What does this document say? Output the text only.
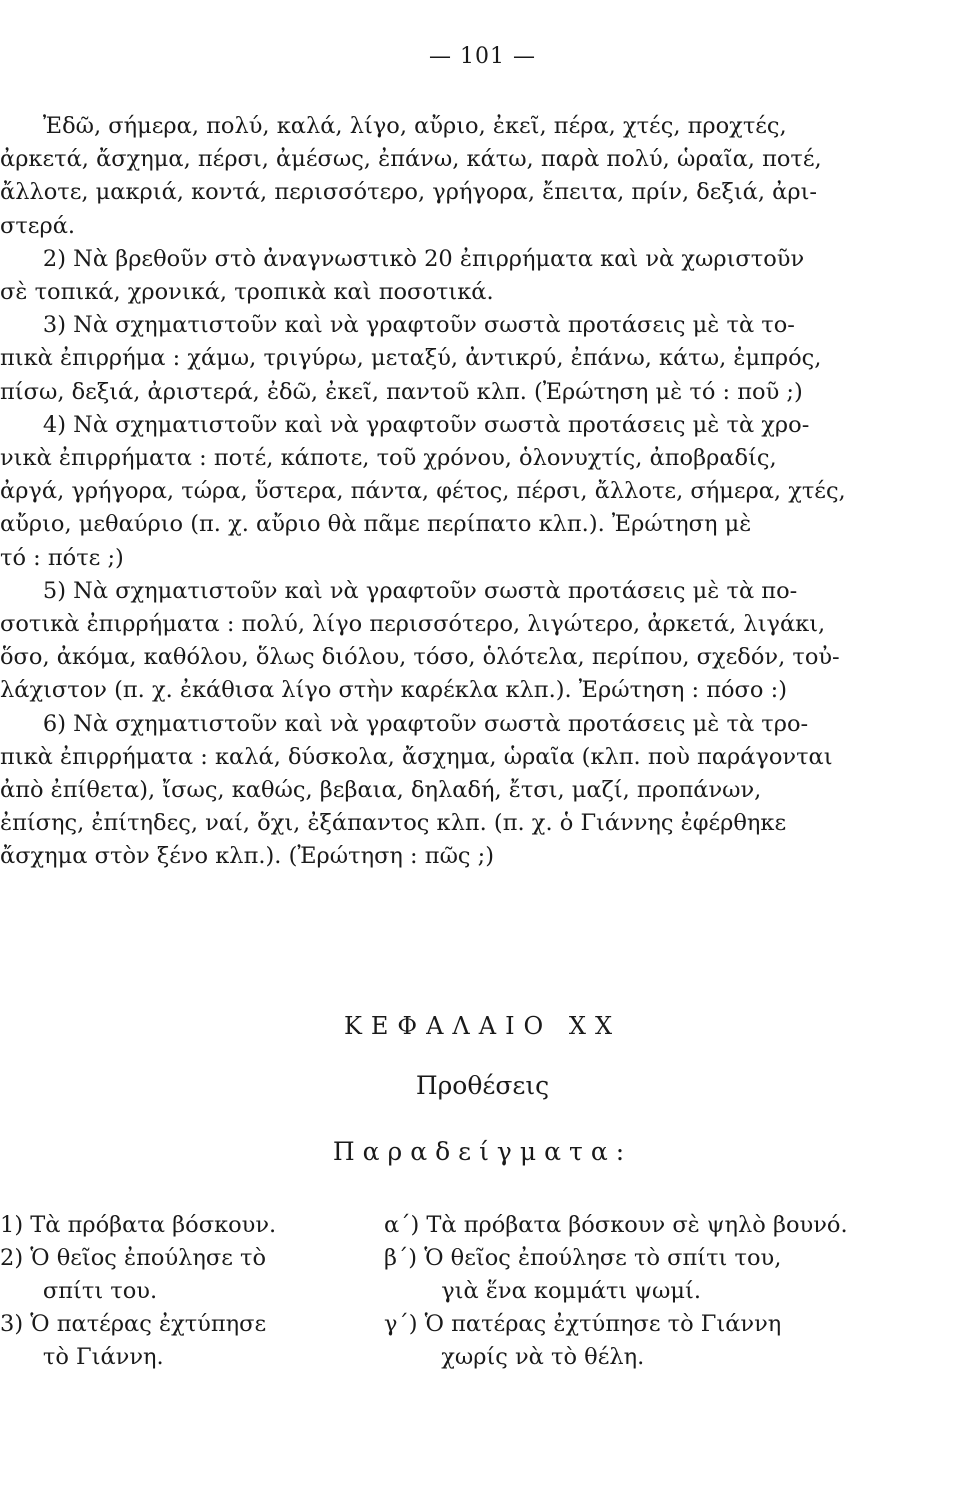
— 101 —
Ἐδῶ, σήμερα, πολύ, καλά, λίγο, αὔριο, ἐκεῖ, πέρα, χτές, προχτές,
ἀρκετά, ἄσχημα, πέρσι, ἀμέσως, ἐπάνω, κάτω, παρὰ πολύ, ὡραῖα, ποτέ,
ἄλλοτε, μακριά, κοντά, περισσότερο, γρήγορα, ἔπειτα, πρίν, δεξιά, ἀρι-
στερά.
2) Νὰ βρεθοῦν στὸ ἀναγνωστικὸ 20 ἐπιρρήματα καὶ νὰ χωριστοῦν
σὲ τοπικά, χρονικά, τροπικὰ καὶ ποσοτικά.
3) Νὰ σχηματιστοῦν καὶ νὰ γραφτοῦν σωστὰ προτάσεις μὲ τὰ το-
πικὰ ἐπιρρήμα : χάμω, τριγύρω, μεταξύ, ἀντικρύ, ἐπάνω, κάτω, ἐμπρός,
πίσω, δεξιά, ἀριστερά, ἐδῶ, ἐκεῖ, παντοῦ κλπ. (Ἐρώτηση μὲ τό : ποῦ ;)
4) Νὰ σχηματιστοῦν καὶ νὰ γραφτοῦν σωστὰ προτάσεις μὲ τὰ χρο-
νικὰ ἐπιρρήματα : ποτέ, κάποτε, τοῦ χρόνου, ὁλονυχτίς, ἀποβραδίς,
ἀργά, γρήγορα, τώρα, ὕστερα, πάντα, φέτος, πέρσι, ἄλλοτε, σήμερα, χτές,
αὔριο, μεθαύριο (π. χ. αὔριο θὰ πᾶμε περίπατο κλπ.). Ἐρώτηση μὲ
τό : πότε ;)
5) Νὰ σχηματιστοῦν καὶ νὰ γραφτοῦν σωστὰ προτάσεις μὲ τὰ πο-
σοτικὰ ἐπιρρήματα : πολύ, λίγο περισσότερο, λιγώτερο, ἀρκετά, λιγάκι,
ὅσο, ἀκόμα, καθόλου, ὅλως διόλου, τόσο, ὁλότελα, περίπου, σχεδόν, τοὐ-
λάχιστον (π. χ. ἐκάθισα λίγο στὴν καρέκλα κλπ.). Ἐρώτηση : πόσο :)
6) Νὰ σχηματιστοῦν καὶ νὰ γραφτοῦν σωστὰ προτάσεις μὲ τὰ τρο-
πικὰ ἐπιρρήματα : καλά, δύσκολα, ἄσχημα, ὡραῖα (κλπ. ποὺ παράγονται
ἀπὸ ἐπίθετα), ἴσως, καθώς, βεβαια, δηλαδή, ἔτσι, μαζί, προπάνων,
ἐπίσης, ἐπίτηδες, ναί, ὄχι, ἐξάπαντος κλπ. (π. χ. ὁ Γιάννης ἐφέρθηκε
ἄσχημα στὸν ξένο κλπ.). (Ἐρώτηση : πῶς ;)
ΚΕΦΑΛΑΙΟ ΧΧ
Προθέσεις
Παραδείγματα:
1) Τὰ πρόβατα βόσκουν.
2) Ὁ θεῖος ἐπούλησε τὸ
σπίτι του.
3) Ὁ πατέρας ἐχτύπησε
τὸ Γιάννη.
α΄) Τὰ πρόβατα βόσκουν σὲ ψηλὸ βουνό.
β΄) Ὁ θεῖος ἐπούλησε τὸ σπίτι του,
γιὰ ἕνα κομμάτι ψωμί.
γ΄) Ὁ πατέρας ἐχτύπησε τὸ Γιάννη
χωρίς νὰ τὸ θέλη.
